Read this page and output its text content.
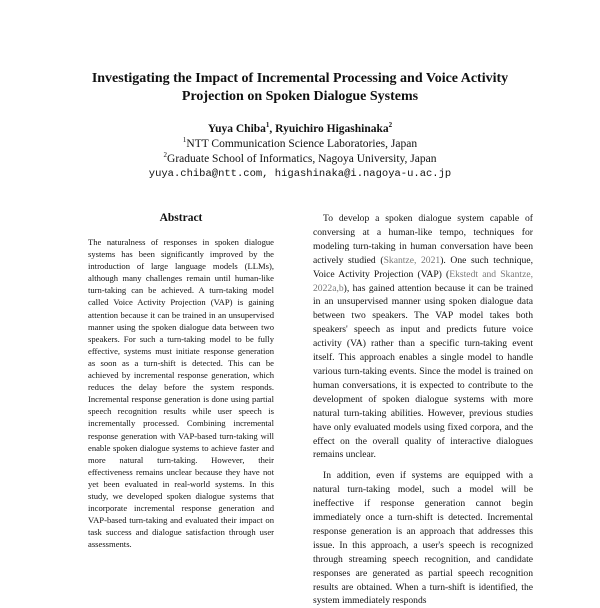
Investigating the Impact of Incremental Processing and Voice Activity
Projection on Spoken Dialogue Systems
Yuya Chiba$^1$, Ryuichiro Higashinaka$^2$
$^1$NTT Communication Science Laboratories, Japan
$^2$Graduate School of Informatics, Nagoya University, Japan
yuya.chiba@ntt.com, higashinaka@i.nagoya-u.ac.jp
Abstract

The naturalness of responses in spoken dialogue systems has been significantly improved by the introduction of large language models (LLMs), although many challenges remain until human-like turn-taking can be achieved. A turn-taking model called Voice Activity Projection (VAP) is gaining attention because it can be trained in an unsupervised manner using the spoken dialogue data between two speakers. For such a turn-taking model to be fully effective, systems must initiate response generation as soon as a turn-shift is detected. This can be achieved by incremental response generation, which reduces the delay before the system responds. Incremental response generation is done using partial speech recognition results while user speech is incrementally processed. Combining incremental response generation with VAP-based turn-taking will enable spoken dialogue systems to achieve faster and more natural turn-taking. However, their effectiveness remains unclear because they have not yet been evaluated in real-world systems. In this study, we developed spoken dialogue systems that incorporate incremental response generation and VAP-based turn-taking and evaluated their impact on task success and dialogue satisfaction through user assessments.

To develop a spoken dialogue system capable of conversing at a human-like tempo, techniques for modeling turn-taking in human conversation have been actively studied (Skantze, 2021). One such technique, Voice Activity Projection (VAP) (Ekstedt and Skantze, 2022a,b), has gained attention because it can be trained in an unsupervised manner using spoken dialogue data between two speakers. The VAP model takes both speakers' speech as input and predicts future voice activity (VA) rather than a specific turn-taking event itself. This approach enables a single model to handle various turn-taking events. Since the model is trained on human conversations, it is expected to contribute to the development of spoken dialogue systems with more natural turn-taking abilities. However, previous studies have only evaluated models using fixed corpora, and the effect on the overall quality of interactive dialogues remains unclear.

In addition, even if systems are equipped with a natural turn-taking model, such a model will be ineffective if response generation cannot begin immediately once a turn-shift is detected. Incremental response generation is an approach that addresses this issue. In this approach, a user's speech is recognized through streaming speech recognition, and candidate responses are generated as partial speech recognition results are obtained. When a turn-shift is identified, the system immediately responds
